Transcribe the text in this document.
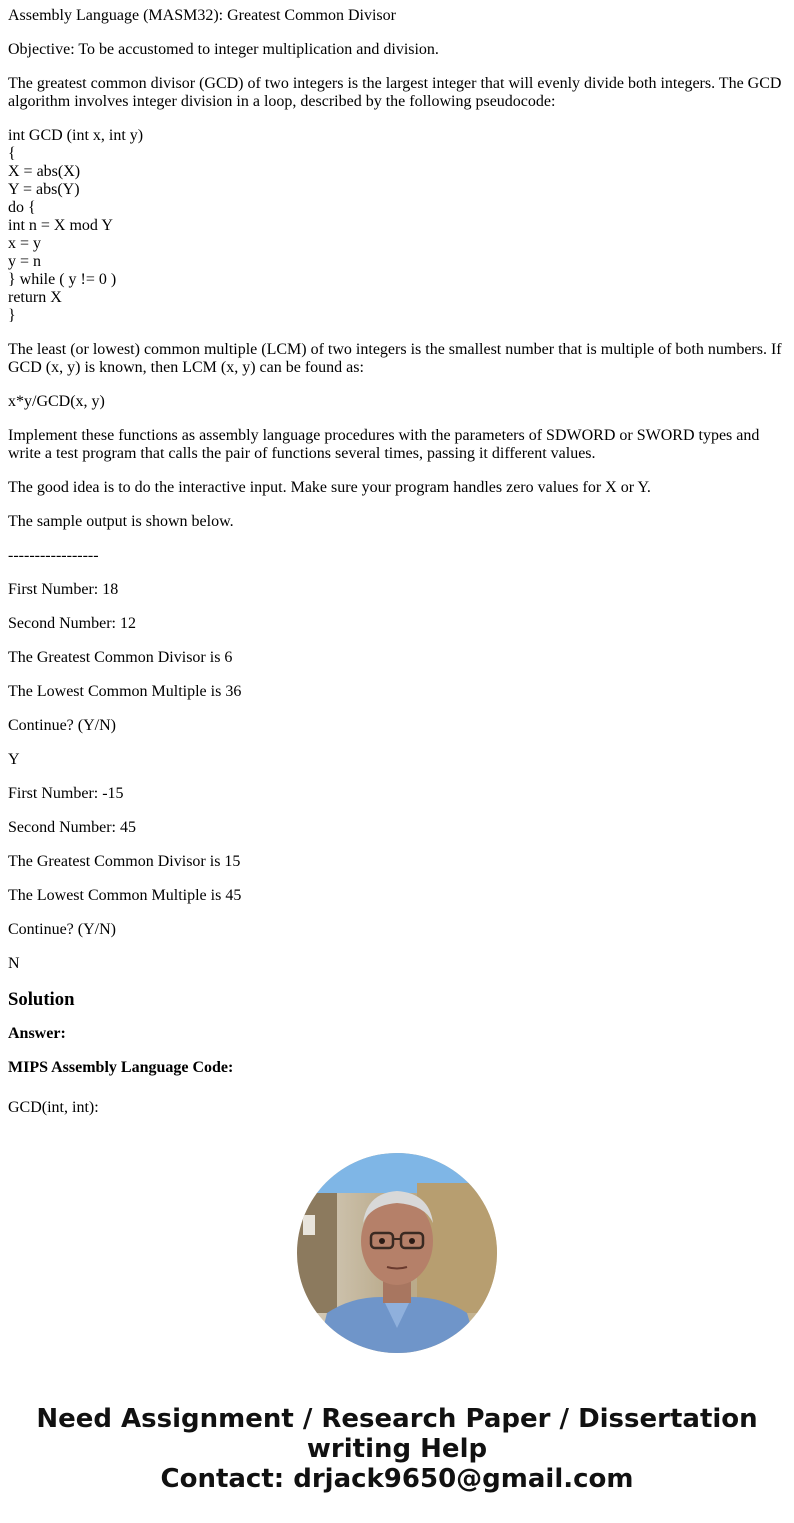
Assembly Language (MASM32): Greatest Common Divisor
Objective: To be accustomed to integer multiplication and division.
The greatest common divisor (GCD) of two integers is the largest integer that will evenly divide both integers. The GCD algorithm involves integer division in a loop, described by the following pseudocode:
int GCD (int x, int y)
{
X = abs(X)
Y = abs(Y)
do {
int n = X mod Y
x = y
y = n
} while ( y != 0 )
return X
}
The least (or lowest) common multiple (LCM) of two integers is the smallest number that is multiple of both numbers. If GCD (x, y) is known, then LCM (x, y) can be found as:
x*y/GCD(x, y)
Implement these functions as assembly language procedures with the parameters of SDWORD or SWORD types and write a test program that calls the pair of functions several times, passing it different values.
The good idea is to do the interactive input. Make sure your program handles zero values for X or Y.
The sample output is shown below.
-----------------
First Number: 18
Second Number: 12
The Greatest Common Divisor is 6
The Lowest Common Multiple is 36
Continue? (Y/N)
Y
First Number: -15
Second Number: 45
The Greatest Common Divisor is 15
The Lowest Common Multiple is 45
Continue? (Y/N)
N
Solution
Answer:
MIPS Assembly Language Code:
GCD(int, int):
Need Assignment / Research Paper / Dissertation
writing Help
Contact: drjack9650@gmail.com
